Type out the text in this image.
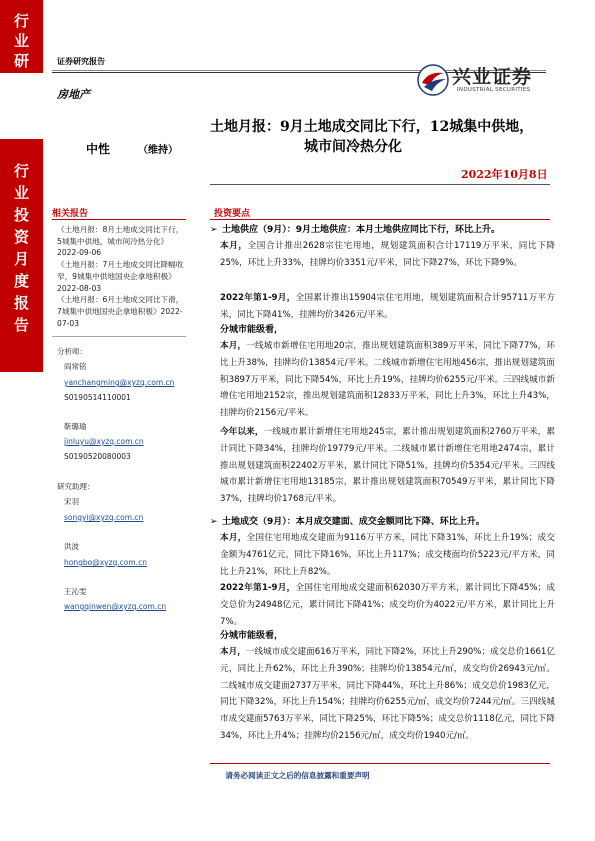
行
业
研
究
行
业
投
资
月
度
报
告
证券研究报告
房地产
兴业证券
INDUSTRIAL SECURITIES
中性	（维持）
土地月报：9月土地成交同比下行，12城集中供地，
城市间冷热分化
2022年10月8日
相关报告

《土地月报：8月土地成交同比下行，5城集中供地，城市间冷热分化》2022-09-06

《土地月报：7月土地成交同比降幅收窄，9城集中供地国央企拿地积极》2022-08-03

《土地月报：6月土地成交同比下滑，7城集中供地国央企拿地积极》2022-07-03

分析师：
阎常铭
yanchangming@xyzq.com.cn
S0190514110001
靳璐瑜
jinluyu@xyzq.com.cn
S0190520080003
研究助理：
宋羽
songyi@xyzq.com.cn
洪波
hongbo@xyzq.com.cn
王沁雯
wangqinwen@xyzq.com.cn
投资要点
➢ 土地供应（9月）：9月土地供应：本月土地供应同比下行，环比上升。
本月，全国合计推出2628宗住宅用地，规划建筑面积合计17119万平米，同比下降25%，环比上升33%，挂牌均价3351元/平米，同比下降27%，环比下降9%。
2022年第1-9月，全国累计推出15904宗住宅用地，规划建筑面积合计95711万平方米，同比下降41%，挂牌均价3426元/平米。
分城市能级看，
本月，一线城市新增住宅用地20宗，推出规划建筑面积389万平米，同比下降77%，环比上升38%，挂牌均价13854元/平米。二线城市新增住宅用地456宗，推出规划建筑面积3897万平米，同比下降54%，环比上升19%，挂牌均价6255元/平米。三四线城市新增住宅用地2152宗，推出规划建筑面积12833万平米，同比上升3%，环比上升43%，挂牌均价2156元/平米。
今年以来，一线城市累计新增住宅用地245宗，累计推出规划建筑面积2760万平米，累计同比下降34%，挂牌均价19779元/平米。二线城市累计新增住宅用地2474宗，累计推出规划建筑面积22402万平米，累计同比下降51%，挂牌均价5354元/平米。三四线城市累计新增住宅用地13185宗，累计推出规划建筑面积70549万平米，累计同比下降37%，挂牌均价1768元/平米。
➢ 土地成交（9月）：本月成交建面、成交金额同比下降、环比上升。
本月，全国住宅用地成交建面为9116万平方米，同比下降31%，环比上升19%；成交金额为4761亿元，同比下降16%，环比上升117%；成交楼面均价5223元/平方米，同比上升21%，环比上升82%。
2022年第1-9月，全国住宅用地成交建面积62030万平方米，累计同比下降45%；成交总价为24948亿元，累计同比下降41%；成交均价为4022元/平方米，累计同比上升7%。
分城市能级看，
本月，一线城市成交建面616万平米，同比下降2%，环比上升290%；成交总价1661亿元，同比上升62%，环比上升390%；挂牌均价13854元/㎡，成交均价26943元/㎡。二线城市成交建面2737万平米，同比下降44%，环比上升86%；成交总价1983亿元，同比下降32%，环比上升154%；挂牌均价6255元/㎡，成交均价7244元/㎡。三四线城市成交建面5763万平米，同比下降25%，环比下降5%；成交总价1118亿元，同比下降34%，环比上升4%；挂牌均价2156元/㎡，成交均价1940元/㎡。
请务必阅读正文之后的信息披露和重要声明
